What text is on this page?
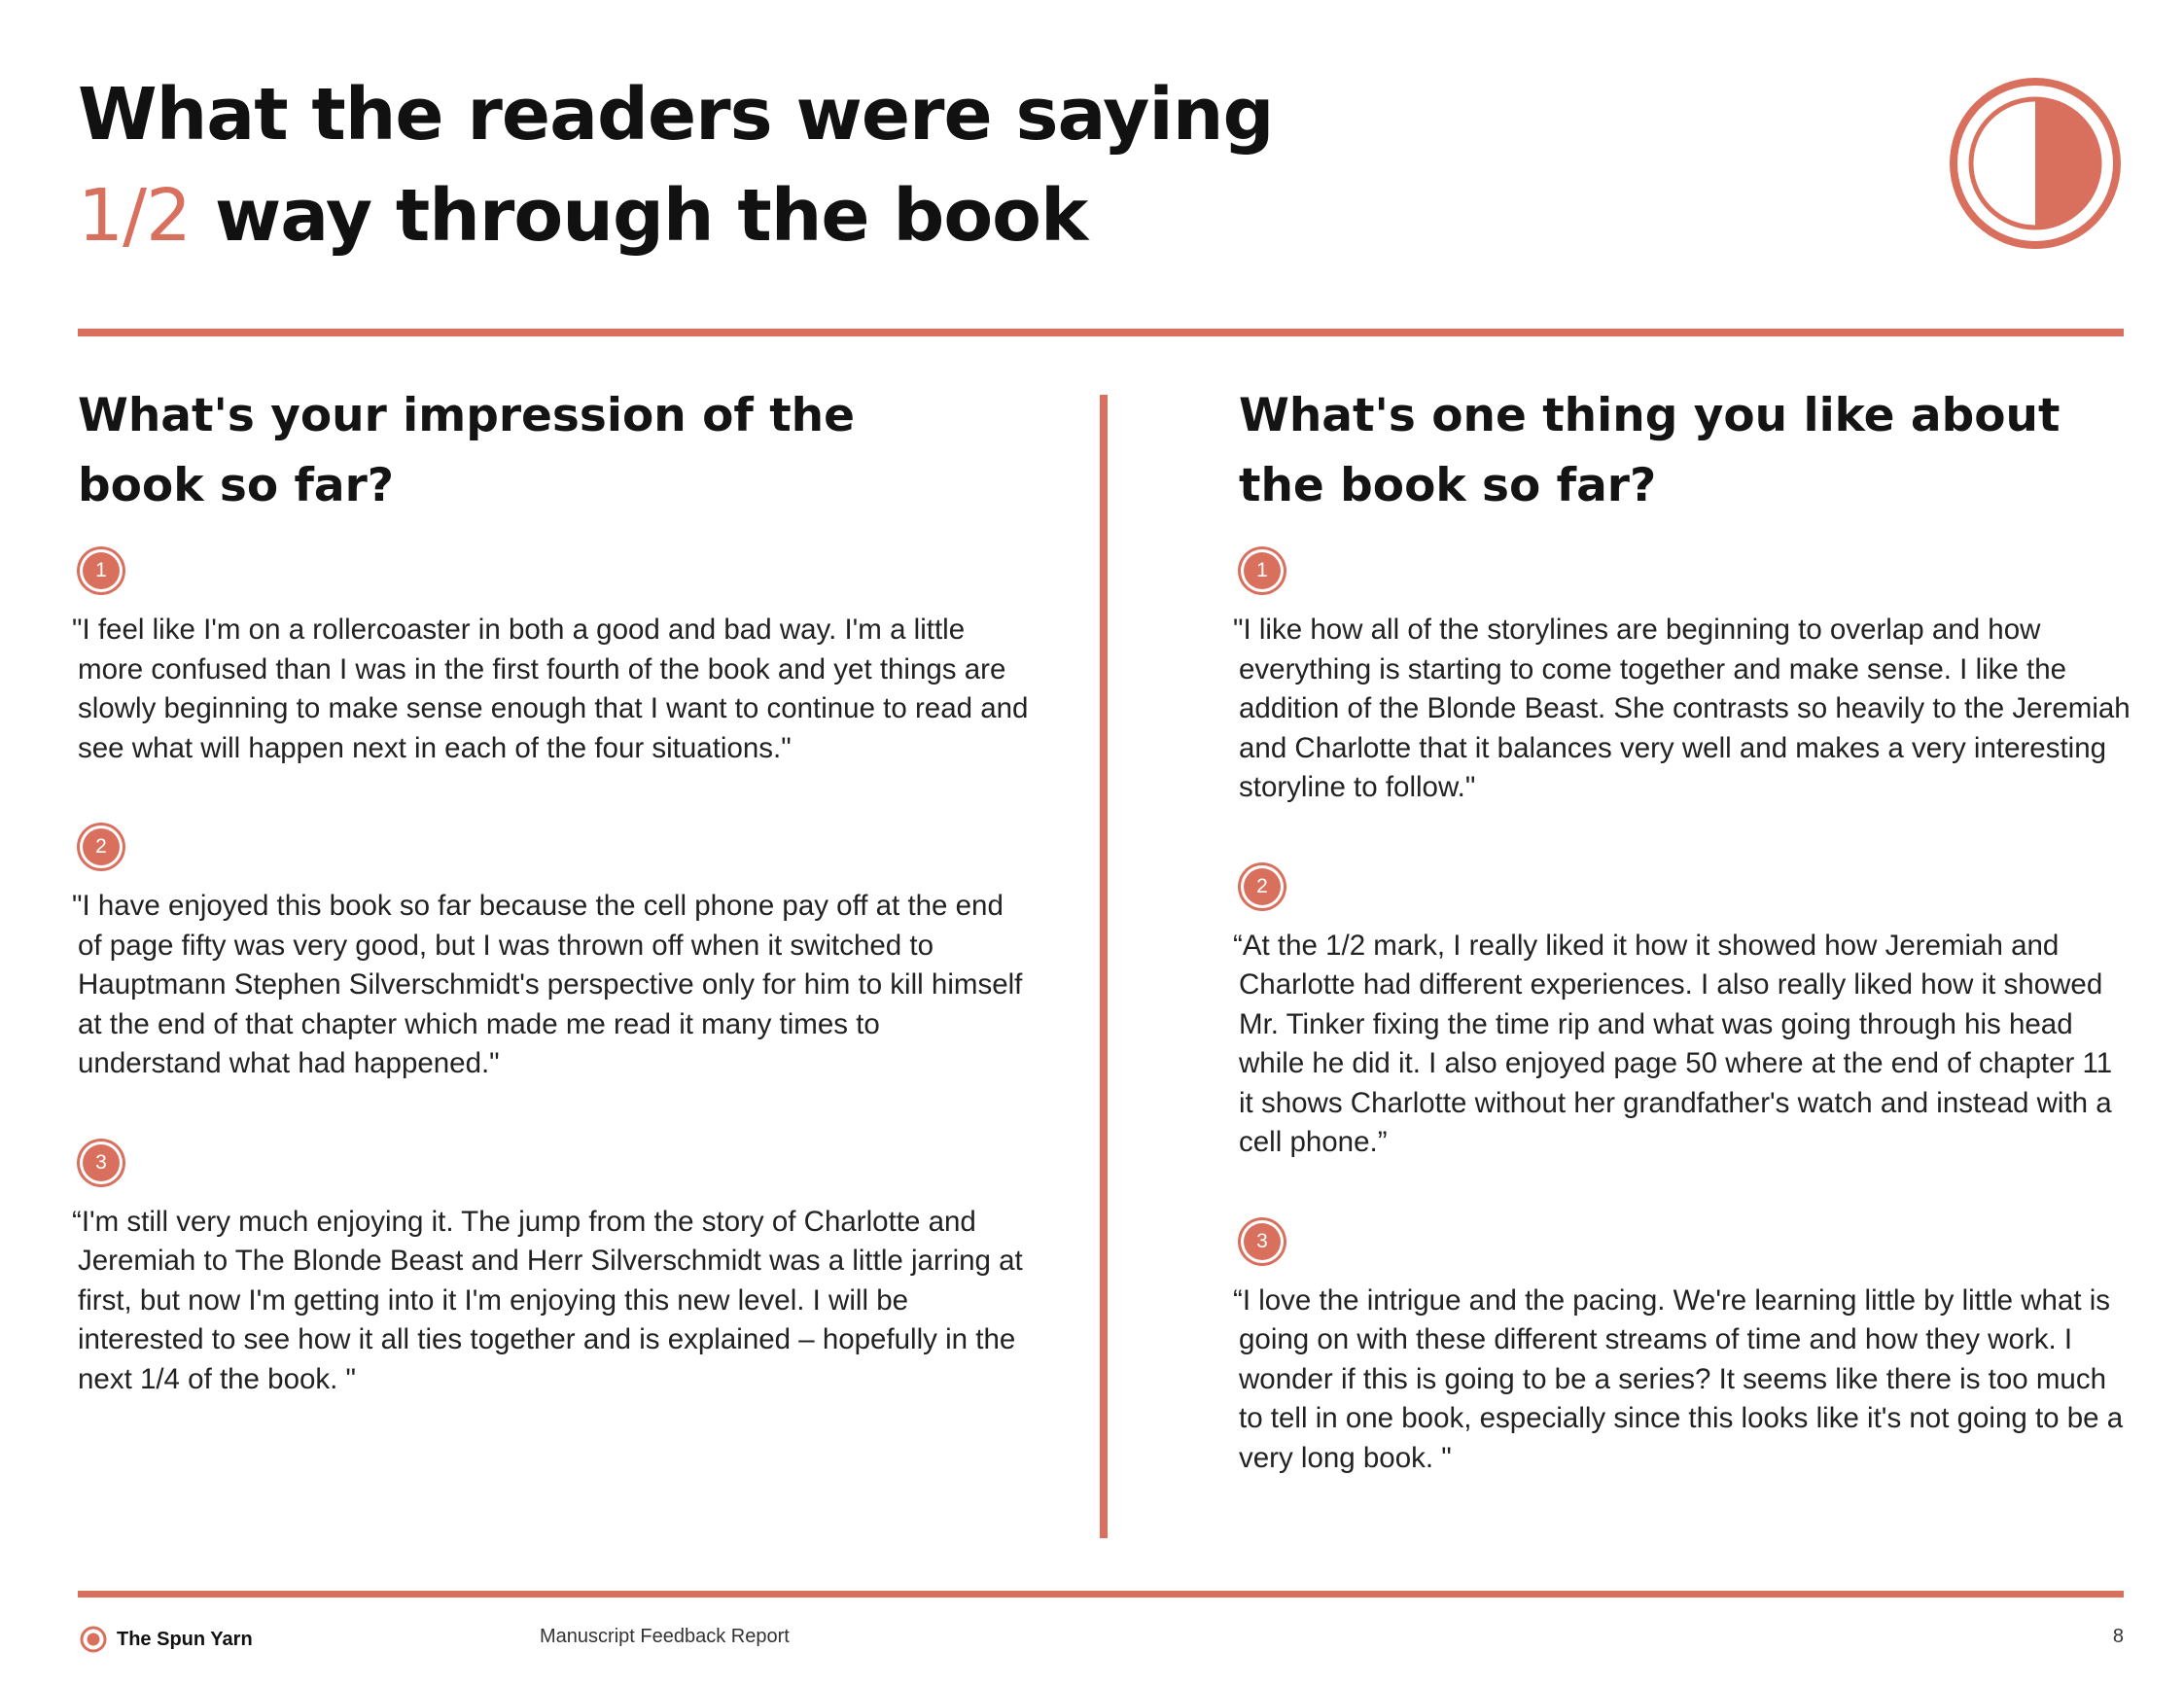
What the readers were saying
1/2 way through the book
What's your impression of the book so far?
1

"I feel like I'm on a rollercoaster in both a good and bad way. I'm a little more confused than I was in the first fourth of the book and yet things are slowly beginning to make sense enough that I want to continue to read and see what will happen next in each of the four situations."

2

"I have enjoyed this book so far because the cell phone pay off at the end of page fifty was very good, but I was thrown off when it switched to Hauptmann Stephen Silverschmidt's perspective only for him to kill himself at the end of that chapter which made me read it many times to understand what had happened."

3

“I'm still very much enjoying it. The jump from the story of Charlotte and Jeremiah to The Blonde Beast and Herr Silverschmidt was a little jarring at first, but now I'm getting into it I'm enjoying this new level. I will be interested to see how it all ties together and is explained – hopefully in the next 1/4 of the book. "

What's one thing you like about the book so far?
1

"I like how all of the storylines are beginning to overlap and how everything is starting to come together and make sense. I like the addition of the Blonde Beast. She contrasts so heavily to the Jeremiah and Charlotte that it balances very well and makes a very interesting storyline to follow."

2

“At the 1/2 mark, I really liked it how it showed how Jeremiah and Charlotte had different experiences. I also really liked how it showed Mr. Tinker fixing the time rip and what was going through his head while he did it. I also enjoyed page 50 where at the end of chapter 11 it shows Charlotte without her grandfather's watch and instead with a cell phone.”

3

“I love the intrigue and the pacing. We're learning little by little what is going on with these different streams of time and how they work. I wonder if this is going to be a series? It seems like there is too much to tell in one book, especially since this looks like it's not going to be a very long book. "

The Spun Yarn	Manuscript Feedback Report	8
